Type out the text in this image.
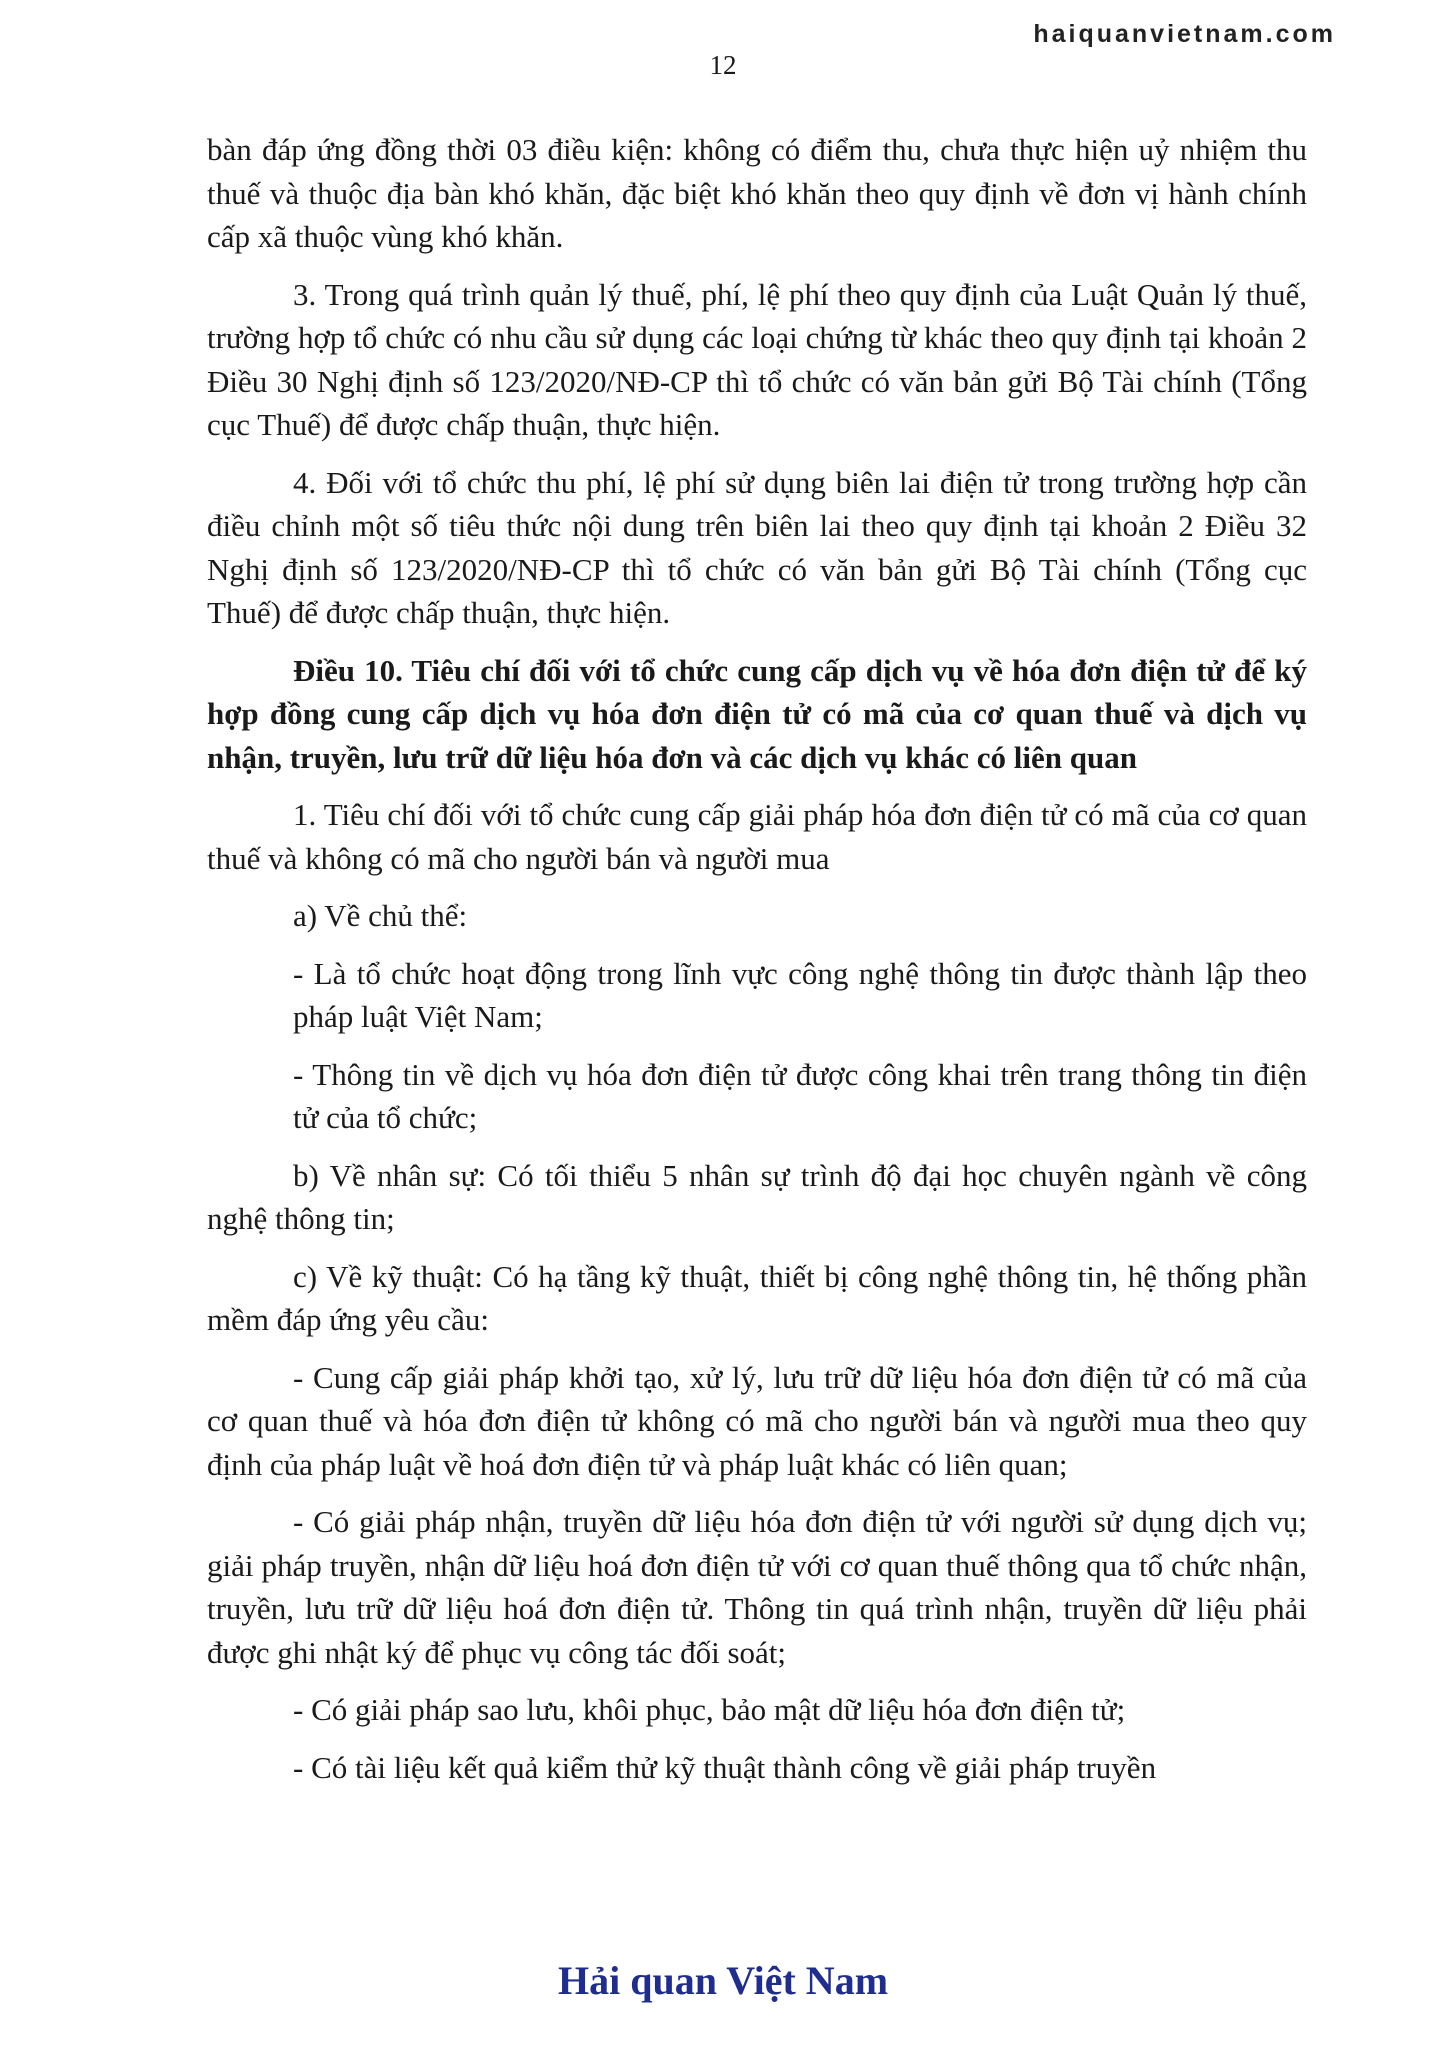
haiquanvietnam.com
12

bàn đáp ứng đồng thời 03 điều kiện: không có điểm thu, chưa thực hiện uỷ nhiệm thu thuế và thuộc địa bàn khó khăn, đặc biệt khó khăn theo quy định về đơn vị hành chính cấp xã thuộc vùng khó khăn.

3. Trong quá trình quản lý thuế, phí, lệ phí theo quy định của Luật Quản lý thuế, trường hợp tổ chức có nhu cầu sử dụng các loại chứng từ khác theo quy định tại khoản 2 Điều 30 Nghị định số 123/2020/NĐ-CP thì tổ chức có văn bản gửi Bộ Tài chính (Tổng cục Thuế) để được chấp thuận, thực hiện.

4. Đối với tổ chức thu phí, lệ phí sử dụng biên lai điện tử trong trường hợp cần điều chỉnh một số tiêu thức nội dung trên biên lai theo quy định tại khoản 2 Điều 32 Nghị định số 123/2020/NĐ-CP thì tổ chức có văn bản gửi Bộ Tài chính (Tổng cục Thuế) để được chấp thuận, thực hiện.

Điều 10. Tiêu chí đối với tổ chức cung cấp dịch vụ về hóa đơn điện tử để ký hợp đồng cung cấp dịch vụ hóa đơn điện tử có mã của cơ quan thuế và dịch vụ nhận, truyền, lưu trữ dữ liệu hóa đơn và các dịch vụ khác có liên quan

1. Tiêu chí đối với tổ chức cung cấp giải pháp hóa đơn điện tử có mã của cơ quan thuế và không có mã cho người bán và người mua

a) Về chủ thể:

- Là tổ chức hoạt động trong lĩnh vực công nghệ thông tin được thành lập theo pháp luật Việt Nam;

- Thông tin về dịch vụ hóa đơn điện tử được công khai trên trang thông tin điện tử của tổ chức;

b) Về nhân sự: Có tối thiểu 5 nhân sự trình độ đại học chuyên ngành về công nghệ thông tin;

c) Về kỹ thuật: Có hạ tầng kỹ thuật, thiết bị công nghệ thông tin, hệ thống phần mềm đáp ứng yêu cầu:

- Cung cấp giải pháp khởi tạo, xử lý, lưu trữ dữ liệu hóa đơn điện tử có mã của cơ quan thuế và hóa đơn điện tử không có mã cho người bán và người mua theo quy định của pháp luật về hoá đơn điện tử và pháp luật khác có liên quan;

- Có giải pháp nhận, truyền dữ liệu hóa đơn điện tử với người sử dụng dịch vụ; giải pháp truyền, nhận dữ liệu hoá đơn điện tử với cơ quan thuế thông qua tổ chức nhận, truyền, lưu trữ dữ liệu hoá đơn điện tử. Thông tin quá trình nhận, truyền dữ liệu phải được ghi nhật ký để phục vụ công tác đối soát;

- Có giải pháp sao lưu, khôi phục, bảo mật dữ liệu hóa đơn điện tử;

- Có tài liệu kết quả kiểm thử kỹ thuật thành công về giải pháp truyền

Hải quan Việt Nam
